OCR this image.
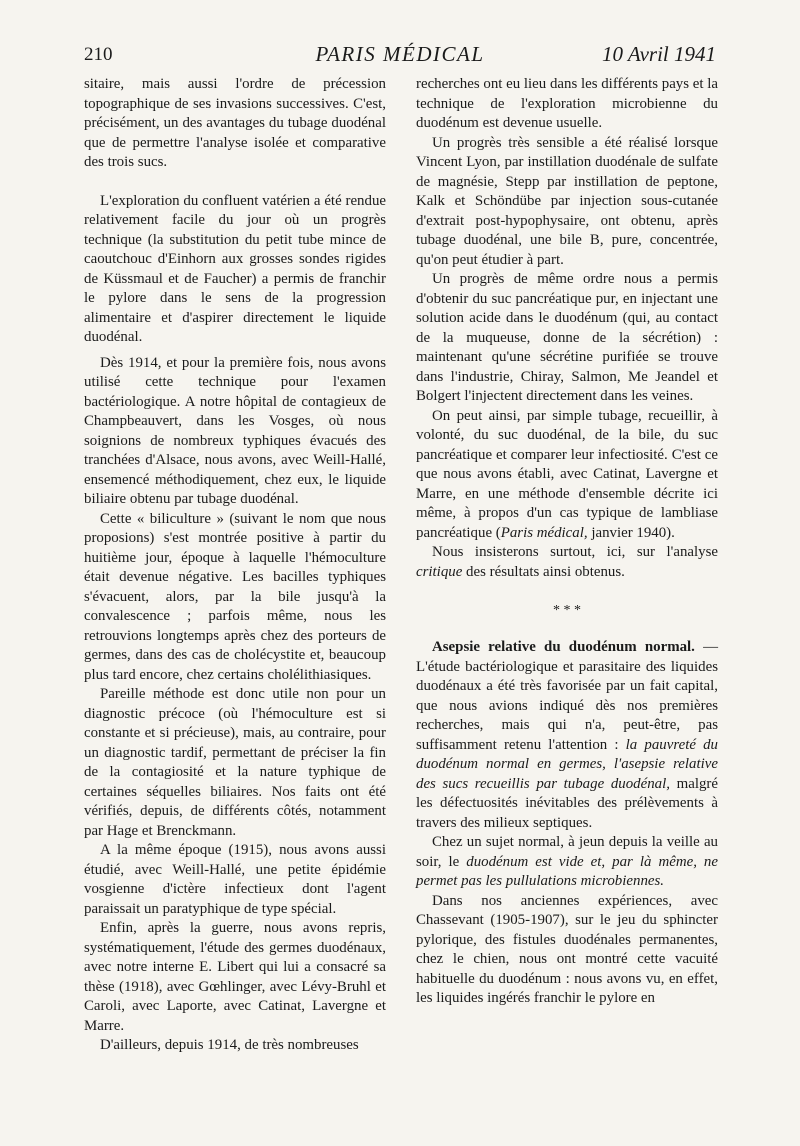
210	PARIS MÉDICAL	10 Avril 1941

sitaire, mais aussi l'ordre de précession topographique de ses invasions successives. C'est, précisément, un des avantages du tubage duodénal que de permettre l'analyse isolée et comparative des trois sucs.

L'exploration du confluent vatérien a été rendue relativement facile du jour où un progrès technique (la substitution du petit tube mince de caoutchouc d'Einhorn aux grosses sondes rigides de Küssmaul et de Faucher) a permis de franchir le pylore dans le sens de la progression alimentaire et d'aspirer directement le liquide duodénal.

Dès 1914, et pour la première fois, nous avons utilisé cette technique pour l'examen bactériologique. A notre hôpital de contagieux de Champbeauvert, dans les Vosges, où nous soignions de nombreux typhiques évacués des tranchées d'Alsace, nous avons, avec Weill-Hallé, ensemencé méthodiquement, chez eux, le liquide biliaire obtenu par tubage duodénal.

Cette « biliculture » (suivant le nom que nous proposions) s'est montrée positive à partir du huitième jour, époque à laquelle l'hémoculture était devenue négative. Les bacilles typhiques s'évacuent, alors, par la bile jusqu'à la convalescence ; parfois même, nous les retrouvions longtemps après chez des porteurs de germes, dans des cas de cholécystite et, beaucoup plus tard encore, chez certains cholélithiasiques.

Pareille méthode est donc utile non pour un diagnostic précoce (où l'hémoculture est si constante et si précieuse), mais, au contraire, pour un diagnostic tardif, permettant de préciser la fin de la contagiosité et la nature typhique de certaines séquelles biliaires. Nos faits ont été vérifiés, depuis, de différents côtés, notamment par Hage et Brenckmann.

A la même époque (1915), nous avons aussi étudié, avec Weill-Hallé, une petite épidémie vosgienne d'ictère infectieux dont l'agent paraissait un paratyphique de type spécial.

Enfin, après la guerre, nous avons repris, systématiquement, l'étude des germes duodénaux, avec notre interne E. Libert qui lui a consacré sa thèse (1918), avec Gœhlinger, avec Lévy-Bruhl et Caroli, avec Laporte, avec Catinat, Lavergne et Marre.

D'ailleurs, depuis 1914, de très nombreuses

recherches ont eu lieu dans les différents pays et la technique de l'exploration microbienne du duodénum est devenue usuelle.

Un progrès très sensible a été réalisé lorsque Vincent Lyon, par instillation duodénale de sulfate de magnésie, Stepp par instillation de peptone, Kalk et Schöndübe par injection sous-cutanée d'extrait post-hypophysaire, ont obtenu, après tubage duodénal, une bile B, pure, concentrée, qu'on peut étudier à part.

Un progrès de même ordre nous a permis d'obtenir du suc pancréatique pur, en injectant une solution acide dans le duodénum (qui, au contact de la muqueuse, donne de la sécrétion) : maintenant qu'une sécrétine purifiée se trouve dans l'industrie, Chiray, Salmon, Me Jeandel et Bolgert l'injectent directement dans les veines.

On peut ainsi, par simple tubage, recueillir, à volonté, du suc duodénal, de la bile, du suc pancréatique et comparer leur infectiosité. C'est ce que nous avons établi, avec Catinat, Lavergne et Marre, en une méthode d'ensemble décrite ici même, à propos d'un cas typique de lambliase pancréatique (Paris médical, janvier 1940).

Nous insisterons surtout, ici, sur l'analyse critique des résultats ainsi obtenus.

* * *

Asepsie relative du duodénum normal. — L'étude bactériologique et parasitaire des liquides duodénaux a été très favorisée par un fait capital, que nous avions indiqué dès nos premières recherches, mais qui n'a, peut-être, pas suffisamment retenu l'attention : la pauvreté du duodénum normal en germes, l'asepsie relative des sucs recueillis par tubage duodénal, malgré les défectuosités inévitables des prélèvements à travers des milieux septiques.

Chez un sujet normal, à jeun depuis la veille au soir, le duodénum est vide et, par là même, ne permet pas les pullulations microbiennes.

Dans nos anciennes expériences, avec Chassevant (1905-1907), sur le jeu du sphincter pylorique, des fistules duodénales permanentes, chez le chien, nous ont montré cette vacuité habituelle du duodénum : nous avons vu, en effet, les liquides ingérés franchir le pylore en
